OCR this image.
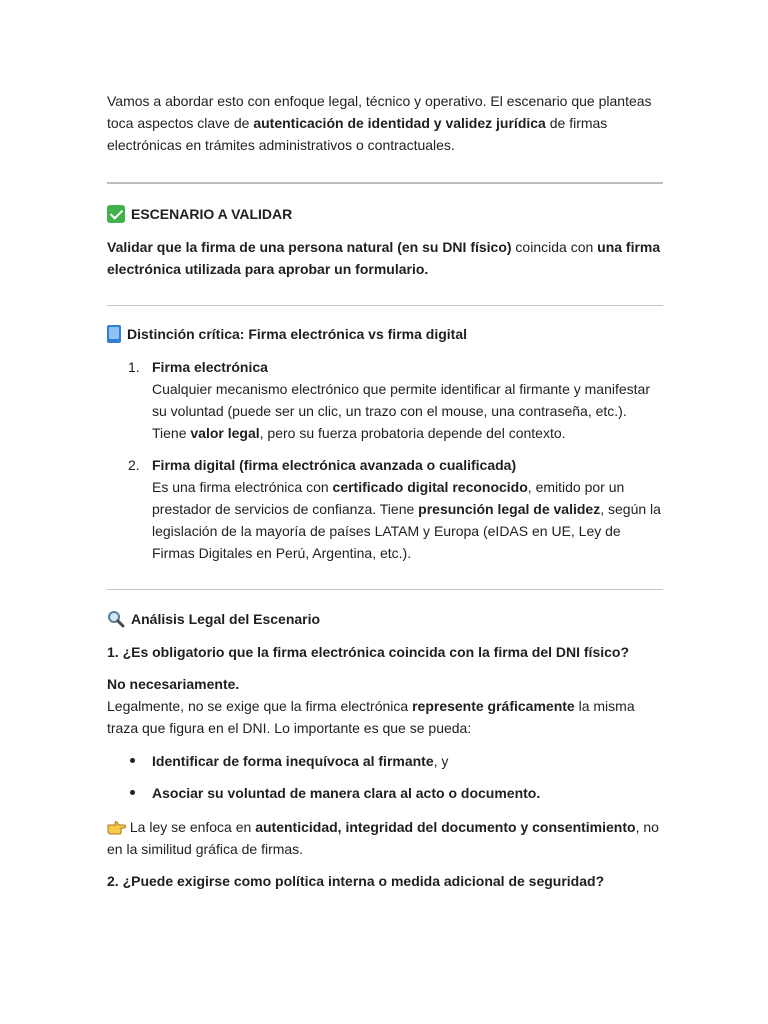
Vamos a abordar esto con enfoque legal, técnico y operativo. El escenario que planteas toca aspectos clave de autenticación de identidad y validez jurídica de firmas electrónicas en trámites administrativos o contractuales.

ESCENARIO A VALIDAR

Validar que la firma de una persona natural (en su DNI físico) coincida con una firma electrónica utilizada para aprobar un formulario.

Distinción crítica: Firma electrónica vs firma digital
1. Firma electrónica

Cualquier mecanismo electrónico que permite identificar al firmante y manifestar su voluntad (puede ser un clic, un trazo con el mouse, una contraseña, etc.). Tiene valor legal, pero su fuerza probatoria depende del contexto.

2. Firma digital (firma electrónica avanzada o cualificada)

Es una firma electrónica con certificado digital reconocido, emitido por un prestador de servicios de confianza. Tiene presunción legal de validez, según la legislación de la mayoría de países LATAM y Europa (eIDAS en UE, Ley de Firmas Digitales en Perú, Argentina, etc.).

Análisis Legal del Escenario

1. ¿Es obligatorio que la firma electrónica coincida con la firma del DNI físico?

No necesariamente.

Legalmente, no se exige que la firma electrónica represente gráficamente la misma traza que figura en el DNI. Lo importante es que se pueda:

Identificar de forma inequívoca al firmante, y
Asociar su voluntad de manera clara al acto o documento.

La ley se enfoca en autenticidad, integridad del documento y consentimiento, no en la similitud gráfica de firmas.

2. ¿Puede exigirse como política interna o medida adicional de seguridad?
